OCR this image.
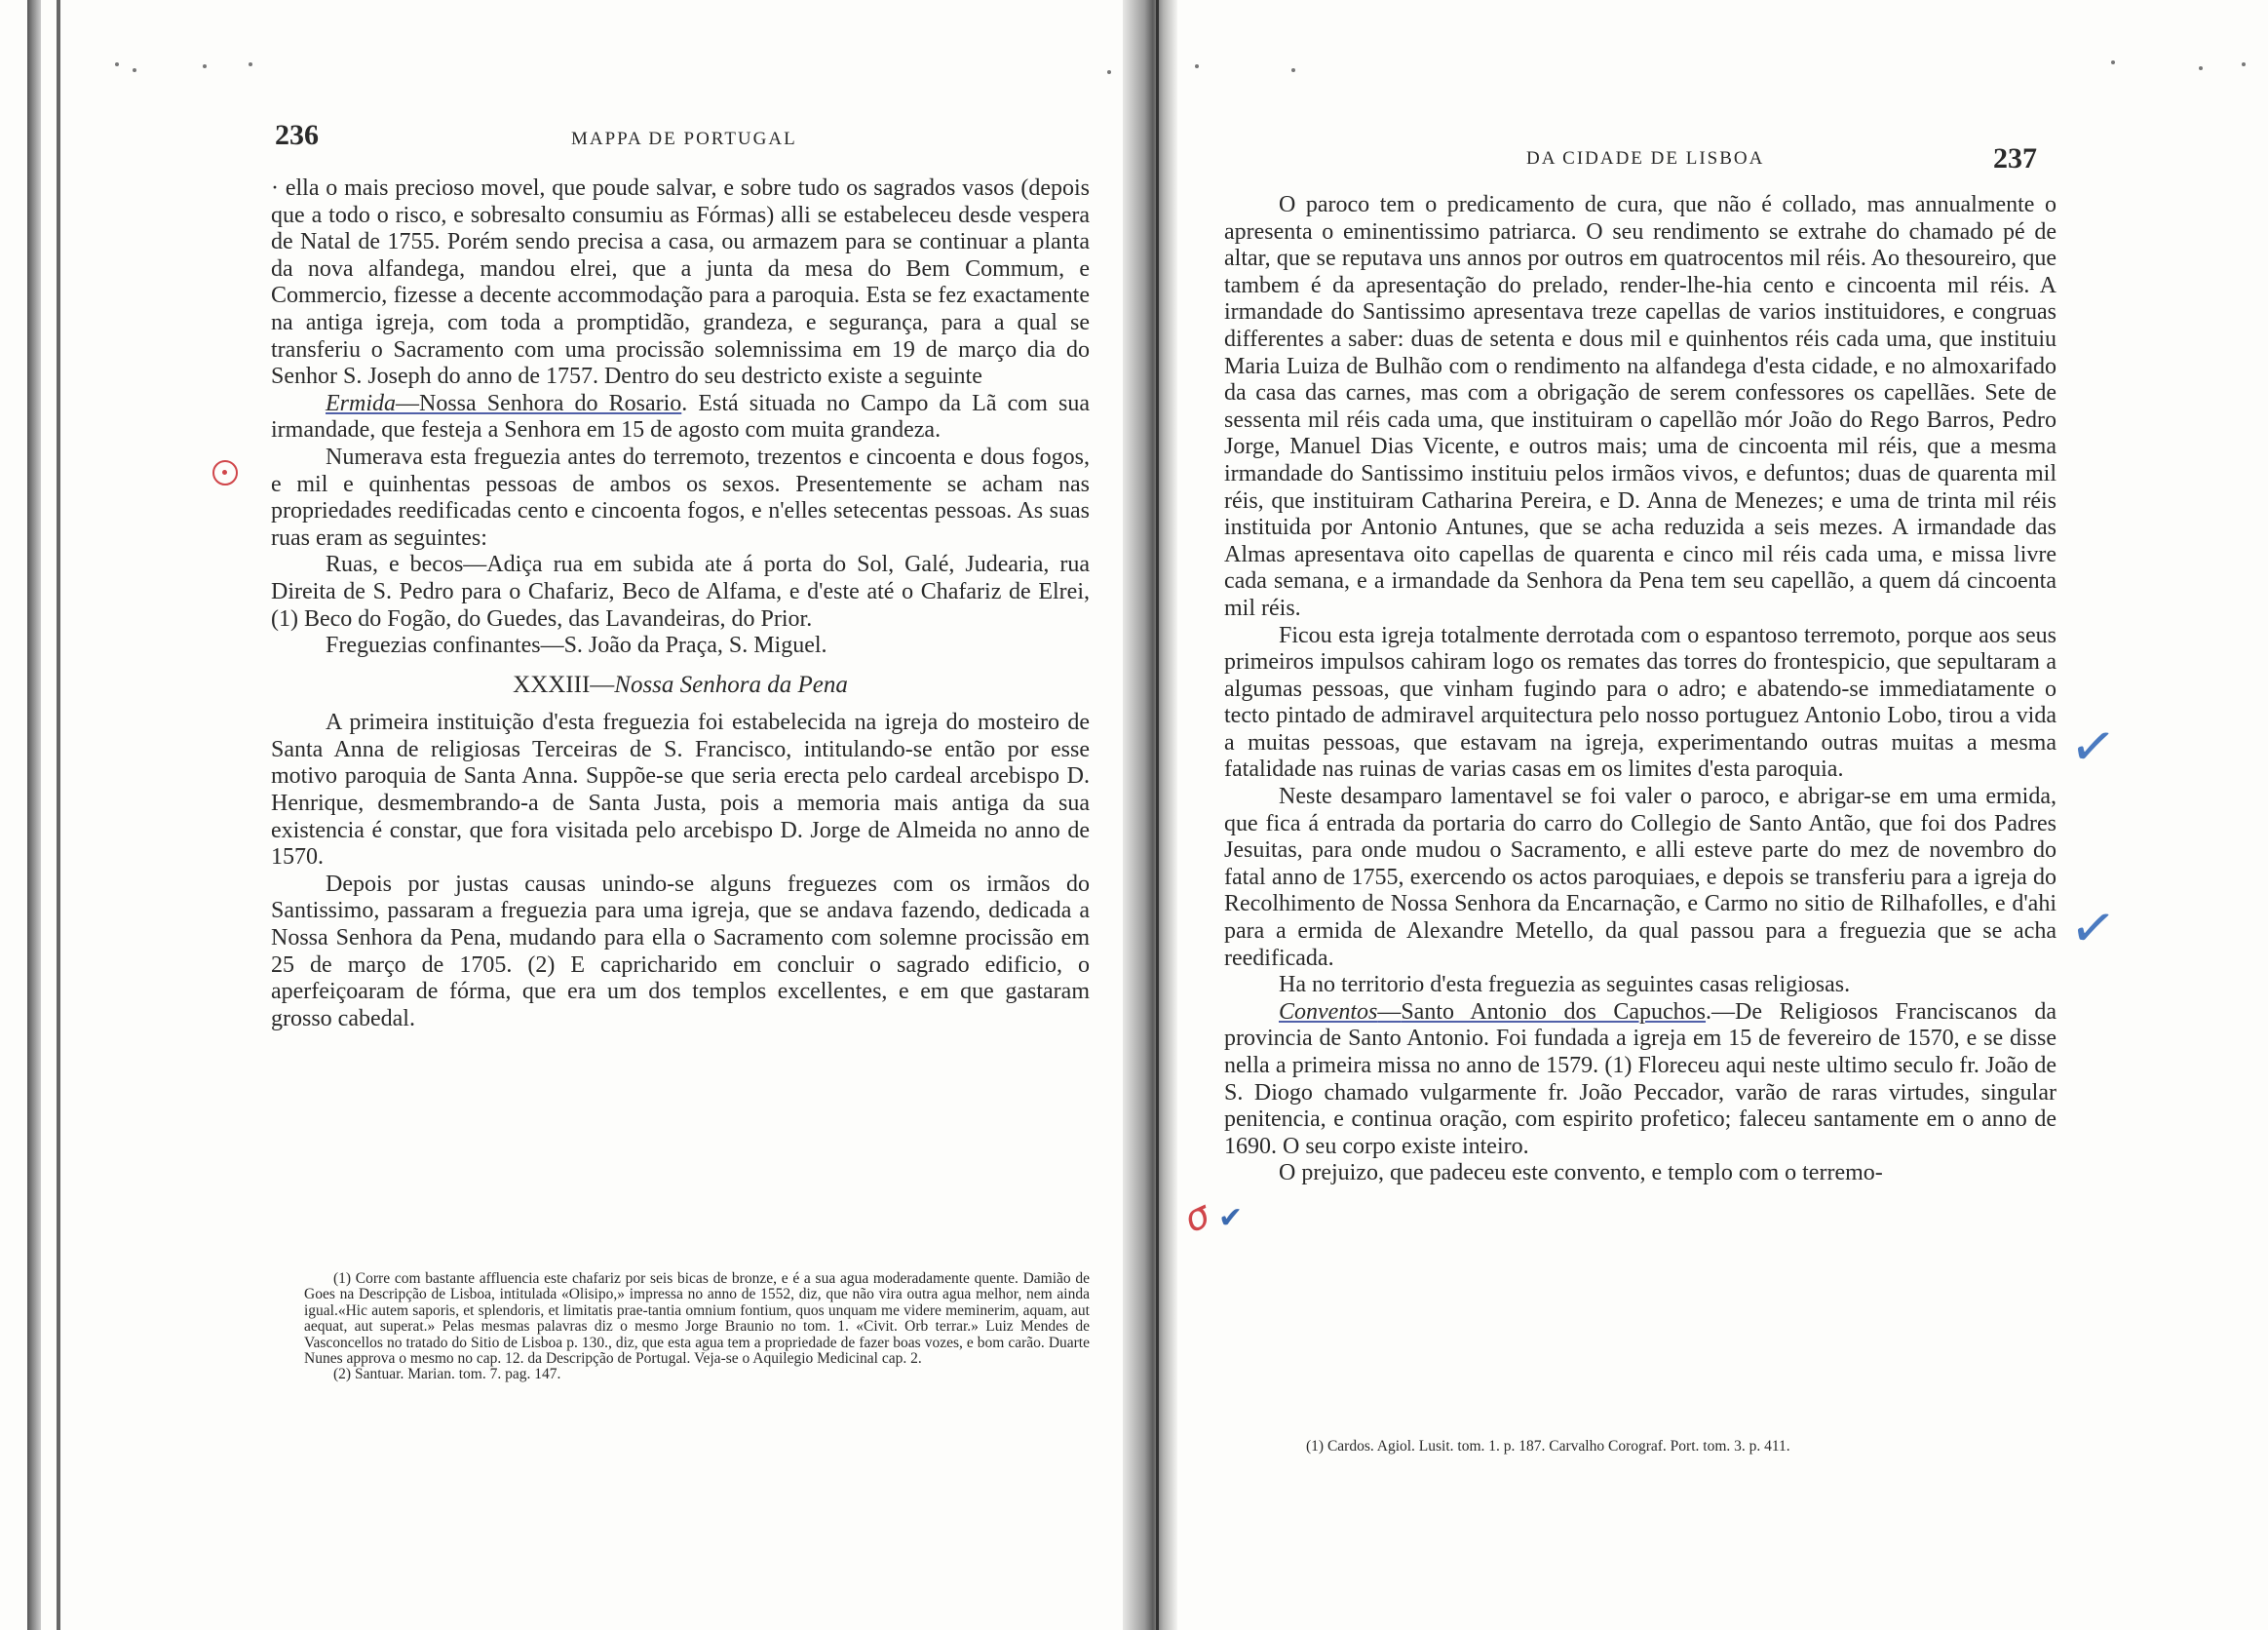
236	MAPPA DE PORTUGAL

· ella o mais precioso movel, que poude salvar, e sobre tudo os sagrados vasos (depois que a todo o risco, e sobresalto consumiu as Fórmas) alli se estabeleceu desde vespera de Natal de 1755. Porém sendo precisa a casa, ou armazem para se continuar a planta da nova alfandega, mandou elrei, que a junta da mesa do Bem Commum, e Commercio, fizesse a decente accommodação para a paroquia. Esta se fez exactamente na antiga igreja, com toda a promptidão, grandeza, e segurança, para a qual se transferiu o Sacramento com uma procissão solemnissima em 19 de março dia do Senhor S. Joseph do anno de 1757. Dentro do seu destricto existe a seguinte

Ermida—Nossa Senhora do Rosario. Está situada no Campo da Lã com sua irmandade, que festeja a Senhora em 15 de agosto com muita grandeza.

Numerava esta freguezia antes do terremoto, trezentos e cincoenta e dous fogos, e mil e quinhentas pessoas de ambos os sexos. Presentemente se acham nas propriedades reedificadas cento e cincoenta fogos, e n'elles setecentas pessoas. As suas ruas eram as seguintes:

Ruas, e becos—Adiça rua em subida ate á porta do Sol, Galé, Judearia, rua Direita de S. Pedro para o Chafariz, Beco de Alfama, e d'este até o Chafariz de Elrei, (1) Beco do Fogão, do Guedes, das Lavandeiras, do Prior.

Freguezias confinantes—S. João da Praça, S. Miguel.

XXXIII—Nossa Senhora da Pena

A primeira instituição d'esta freguezia foi estabelecida na igreja do mosteiro de Santa Anna de religiosas Terceiras de S. Francisco, intitulando-se então por esse motivo paroquia de Santa Anna. Suppõe-se que seria erecta pelo cardeal arcebispo D. Henrique, desmembrando-a de Santa Justa, pois a memoria mais antiga da sua existencia é constar, que fora visitada pelo arcebispo D. Jorge de Almeida no anno de 1570.

Depois por justas causas unindo-se alguns freguezes com os irmãos do Santissimo, passaram a freguezia para uma igreja, que se andava fazendo, dedicada a Nossa Senhora da Pena, mudando para ella o Sacramento com solemne procissão em 25 de março de 1705. (2) E capricharido em concluir o sagrado edificio, o aperfeiçoaram de fórma, que era um dos templos excellentes, e em que gastaram grosso cabedal.

(1) Corre com bastante affluencia este chafariz por seis bicas de bronze, e é a sua agua moderadamente quente. Damião de Goes na Descripção de Lisboa, intitulada «Olisipo,» impressa no anno de 1552, diz, que não vira outra agua melhor, nem ainda igual.«Hic autem saporis, et splendoris, et limitatis prae-tantia omnium fontium, quos unquam me videre meminerim, aquam, aut aequat, aut superat.» Pelas mesmas palavras diz o mesmo Jorge Braunio no tom. 1. «Civit. Orb terrar.» Luiz Mendes de Vasconcellos no tratado do Sitio de Lisboa p. 130., diz, que esta agua tem a propriedade de fazer boas vozes, e bom carão. Duarte Nunes approva o mesmo no cap. 12. da Descripção de Portugal. Veja-se o Aquilegio Medicinal cap. 2.

(2) Santuar. Marian. tom. 7. pag. 147.

DA CIDADE DE LISBOA	237

O paroco tem o predicamento de cura, que não é collado, mas annualmente o apresenta o eminentissimo patriarca. O seu rendimento se extrahe do chamado pé de altar, que se reputava uns annos por outros em quatrocentos mil réis. Ao thesoureiro, que tambem é da apresentação do prelado, render-lhe-hia cento e cincoenta mil réis. A irmandade do Santissimo apresentava treze capellas de varios instituidores, e congruas differentes a saber: duas de setenta e dous mil e quinhentos réis cada uma, que instituiu Maria Luiza de Bulhão com o rendimento na alfandega d'esta cidade, e no almoxarifado da casa das carnes, mas com a obrigação de serem confessores os capellães. Sete de sessenta mil réis cada uma, que instituiram o capellão mór João do Rego Barros, Pedro Jorge, Manuel Dias Vicente, e outros mais; uma de cincoenta mil réis, que a mesma irmandade do Santissimo instituiu pelos irmãos vivos, e defuntos; duas de quarenta mil réis, que instituiram Catharina Pereira, e D. Anna de Menezes; e uma de trinta mil réis instituida por Antonio Antunes, que se acha reduzida a seis mezes. A irmandade das Almas apresentava oito capellas de quarenta e cinco mil réis cada uma, e missa livre cada semana, e a irmandade da Senhora da Pena tem seu capellão, a quem dá cincoenta mil réis.

Ficou esta igreja totalmente derrotada com o espantoso terremoto, porque aos seus primeiros impulsos cahiram logo os remates das torres do frontespicio, que sepultaram a algumas pessoas, que vinham fugindo para o adro; e abatendo-se immediatamente o tecto pintado de admiravel arquitectura pelo nosso portuguez Antonio Lobo, tirou a vida a muitas pessoas, que estavam na igreja, experimentando outras muitas a mesma fatalidade nas ruinas de varias casas em os limites d'esta paroquia.

Neste desamparo lamentavel se foi valer o paroco, e abrigar-se em uma ermida, que fica á entrada da portaria do carro do Collegio de Santo Antão, que foi dos Padres Jesuitas, para onde mudou o Sacramento, e alli esteve parte do mez de novembro do fatal anno de 1755, exercendo os actos paroquiaes, e depois se transferiu para a igreja do Recolhimento de Nossa Senhora da Encarnação, e Carmo no sitio de Rilhafolles, e d'ahi para a ermida de Alexandre Metello, da qual passou para a freguezia que se acha reedificada.

Ha no territorio d'esta freguezia as seguintes casas religiosas.

Conventos—Santo Antonio dos Capuchos.—De Religiosos Franciscanos da provincia de Santo Antonio. Foi fundada a igreja em 15 de fevereiro de 1570, e se disse nella a primeira missa no anno de 1579. (1) Floreceu aqui neste ultimo seculo fr. João de S. Diogo chamado vulgarmente fr. João Peccador, varão de raras virtudes, singular penitencia, e continua oração, com espirito profetico; faleceu santamente em o anno de 1690. O seu corpo existe inteiro.

O prejuizo, que padeceu este convento, e templo com o terremo-

(1) Cardos. Agiol. Lusit. tom. 1. p. 187. Carvalho Corograf. Port. tom. 3. p. 411.

✓
✓
σ ✔
